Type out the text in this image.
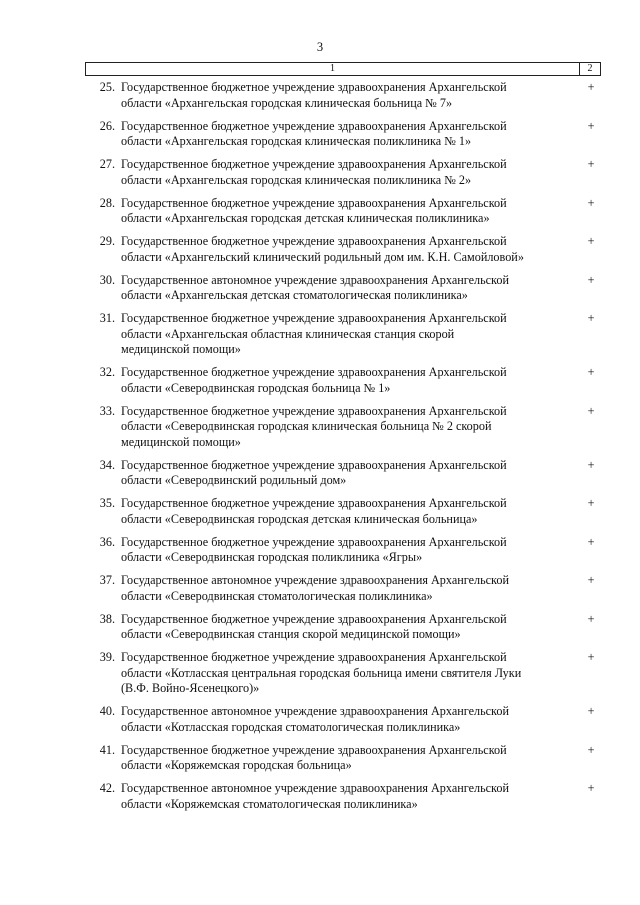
3
1	2
25. Государственное бюджетное учреждение здравоохранения Архангельской
области «Архангельская городская клиническая больница № 7»
+
26. Государственное бюджетное учреждение здравоохранения Архангельской
области «Архангельская городская клиническая поликлиника № 1»
+
27. Государственное бюджетное учреждение здравоохранения Архангельской
области «Архангельская городская клиническая поликлиника № 2»
+
28. Государственное бюджетное учреждение здравоохранения Архангельской
области «Архангельская городская детская клиническая поликлиника»
+
29. Государственное бюджетное учреждение здравоохранения Архангельской
области «Архангельский клинический родильный дом им. К.Н. Самойловой»
+
30. Государственное автономное учреждение здравоохранения Архангельской
области «Архангельская детская стоматологическая поликлиника»
+
31. Государственное бюджетное учреждение здравоохранения Архангельской
области «Архангельская областная клиническая станция скорой
медицинской помощи»
+
32. Государственное бюджетное учреждение здравоохранения Архангельской
области «Северодвинская городская больница № 1»
+
33. Государственное бюджетное учреждение здравоохранения Архангельской
области «Северодвинская городская клиническая больница № 2 скорой
медицинской помощи»
+
34. Государственное бюджетное учреждение здравоохранения Архангельской
области «Северодвинский родильный дом»
+
35. Государственное бюджетное учреждение здравоохранения Архангельской
области «Северодвинская городская детская клиническая больница»
+
36. Государственное бюджетное учреждение здравоохранения Архангельской
области «Северодвинская городская поликлиника «Ягры»
+
37. Государственное автономное учреждение здравоохранения Архангельской
области «Северодвинская стоматологическая поликлиника»
+
38. Государственное бюджетное учреждение здравоохранения Архангельской
области «Северодвинская станция скорой медицинской помощи»
+
39. Государственное бюджетное учреждение здравоохранения Архангельской
области «Котласская центральная городская больница имени святителя Луки
(В.Ф. Войно-Ясенецкого)»
+
40. Государственное автономное учреждение здравоохранения Архангельской
области «Котласская городская стоматологическая поликлиника»
+
41. Государственное бюджетное учреждение здравоохранения Архангельской
области «Коряжемская городская больница»
+
42. Государственное автономное учреждение здравоохранения Архангельской
области «Коряжемская стоматологическая поликлиника»
+
